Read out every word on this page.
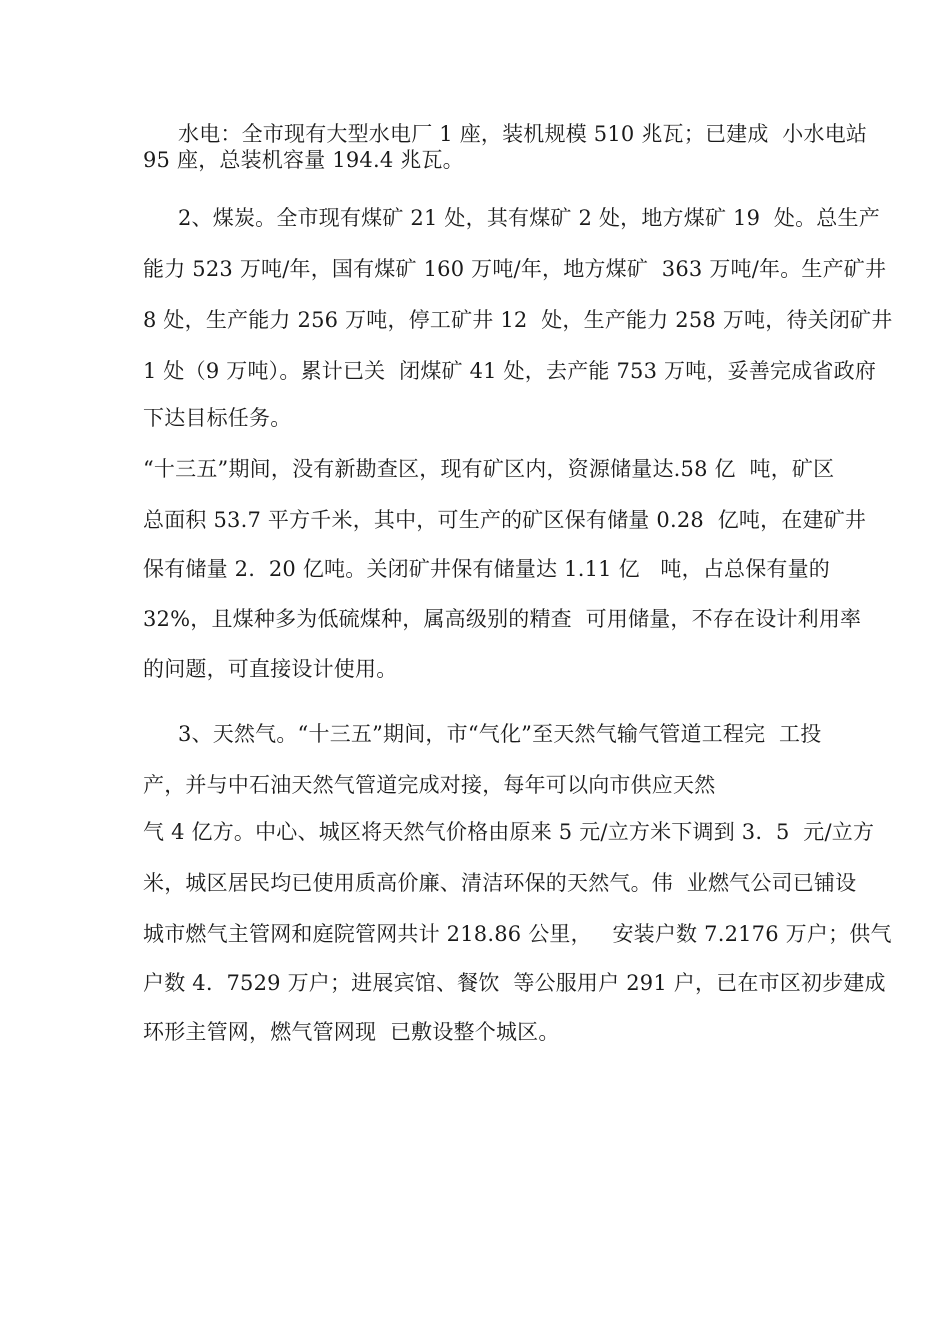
水电：全市现有大型水电厂 1 座，装机规模 510 兆瓦；已建成  小水电站
95 座，总装机容量 194.4 兆瓦。
2、煤炭。全市现有煤矿 21 处，其有煤矿 2 处，地方煤矿 19  处。总生产
能力 523 万吨/年，国有煤矿 160 万吨/年，地方煤矿  363 万吨/年。生产矿井
8 处，生产能力 256 万吨，停工矿井 12  处，生产能力 258 万吨，待关闭矿井
1 处（9 万吨）。累计已关  闭煤矿 41 处，去产能 753 万吨，妥善完成省政府
下达目标任务。
“十三五”期间，没有新勘查区，现有矿区内，资源储量达.58 亿  吨，矿区
总面积 53.7 平方千米，其中，可生产的矿区保有储量 0.28  亿吨，在建矿井
保有储量 2.  20 亿吨。关闭矿井保有储量达 1.11 亿   吨，占总保有量的
32%，且煤种多为低硫煤种，属高级别的精查  可用储量，不存在设计利用率
的问题，可直接设计使用。
3、天然气。“十三五”期间，市“气化”至天然气输气管道工程完  工投
产，并与中石油天然气管道完成对接，每年可以向市供应天然
气 4 亿方。中心、城区将天然气价格由原来 5 元/立方米下调到 3.  5  元/立方
米，城区居民均已使用质高价廉、清洁环保的天然气。伟  业燃气公司已铺设
城市燃气主管网和庭院管网共计 218.86 公里，   安装户数 7.2176 万户；供气
户数 4.  7529 万户；进展宾馆、餐饮  等公服用户 291 户，已在市区初步建成
环形主管网，燃气管网现  已敷设整个城区。
